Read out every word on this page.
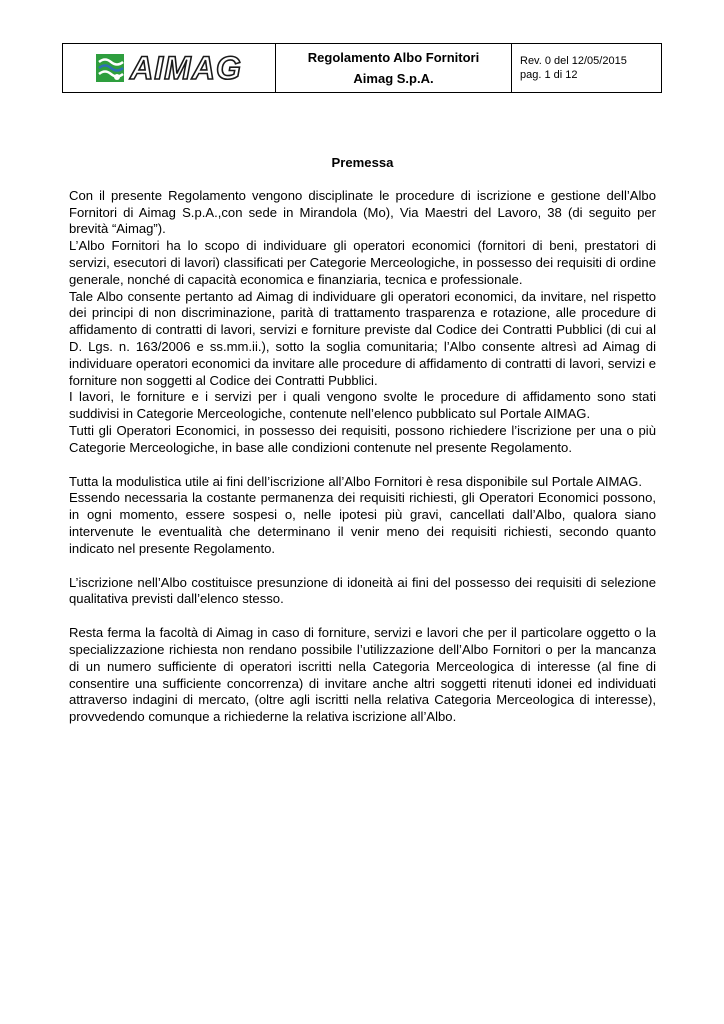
AIMAG	Regolamento Albo Fornitori
Aimag S.p.A.
Rev. 0 del 12/05/2015
pag. 1 di 12

Premessa

Con il presente Regolamento vengono disciplinate le procedure di iscrizione e gestione dell’Albo Fornitori di Aimag S.p.A.,con sede in Mirandola (Mo), Via Maestri del Lavoro, 38 (di seguito per brevità “Aimag”).

L’Albo Fornitori ha lo scopo di individuare gli operatori economici (fornitori di beni, prestatori di servizi, esecutori di lavori) classificati per Categorie Merceologiche, in possesso dei requisiti di ordine generale, nonché di capacità economica e finanziaria, tecnica e professionale.

Tale Albo consente pertanto ad Aimag di individuare gli operatori economici, da invitare, nel rispetto dei principi di non discriminazione, parità di trattamento trasparenza e rotazione, alle procedure di affidamento di contratti di lavori, servizi e forniture previste dal Codice dei Contratti Pubblici (di cui al D. Lgs. n. 163/2006 e ss.mm.ii.), sotto la soglia comunitaria; l’Albo consente altresì ad Aimag di individuare operatori economici da invitare alle procedure di affidamento di contratti di lavori, servizi e forniture non soggetti al Codice dei Contratti Pubblici.

I lavori, le forniture e i servizi per i quali vengono svolte le procedure di affidamento sono stati suddivisi in Categorie Merceologiche, contenute nell’elenco pubblicato sul Portale AIMAG.

Tutti gli Operatori Economici, in possesso dei requisiti, possono richiedere l’iscrizione per una o più Categorie Merceologiche, in base alle condizioni contenute nel presente Regolamento.

Tutta la modulistica utile ai fini dell’iscrizione all’Albo Fornitori è resa disponibile sul Portale AIMAG.

Essendo necessaria la costante permanenza dei requisiti richiesti, gli Operatori Economici possono, in ogni momento, essere sospesi o, nelle ipotesi più gravi, cancellati dall’Albo, qualora siano intervenute le eventualità che determinano il venir meno dei requisiti richiesti, secondo quanto indicato nel presente Regolamento.

L’iscrizione nell’Albo costituisce presunzione di idoneità ai fini del possesso dei requisiti di selezione qualitativa previsti dall’elenco stesso.

Resta ferma la facoltà di Aimag in caso di forniture, servizi e lavori che per il particolare oggetto o la specializzazione richiesta non rendano possibile l’utilizzazione dell’Albo Fornitori o per la mancanza di un numero sufficiente di operatori iscritti nella Categoria Merceologica di interesse (al fine di consentire una sufficiente concorrenza) di invitare anche altri soggetti ritenuti idonei ed individuati attraverso indagini di mercato, (oltre agli iscritti nella relativa Categoria Merceologica di interesse), provvedendo comunque a richiederne la relativa iscrizione all’Albo.
